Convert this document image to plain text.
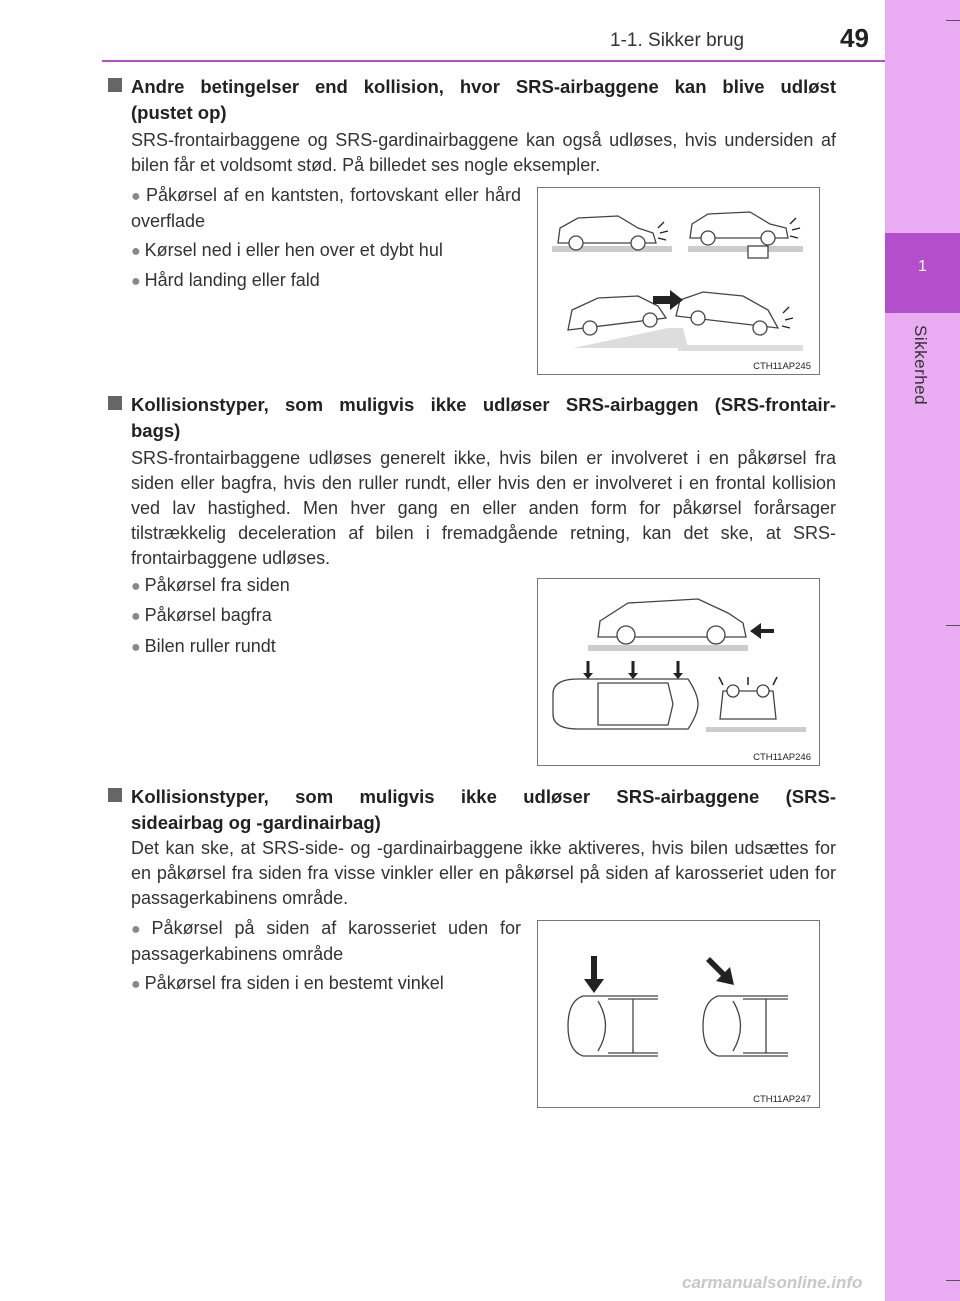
1
Sikkerhed
1-1. Sikker brug	49
Andre betingelser end kollision, hvor SRS-airbaggene kan blive udløst
(pustet op)
SRS-frontairbaggene og SRS-gardinairbaggene kan også udløses, hvis undersiden af bilen får et voldsomt stød. På billedet ses nogle eksempler.
● Påkørsel af en kantsten, fortovskant eller hård overflade
● Kørsel ned i eller hen over et dybt hul
● Hård landing eller fald
CTH11AP245
Kollisionstyper, som muligvis ikke udløser SRS-airbaggen (SRS-frontair-
bags)
SRS-frontairbaggene udløses generelt ikke, hvis bilen er involveret i en påkørsel fra siden eller bagfra, hvis den ruller rundt, eller hvis den er involveret i en frontal kollision ved lav hastighed. Men hver gang en eller anden form for påkørsel forårsager tilstrækkelig deceleration af bilen i fremadgående retning, kan det ske, at SRS-frontairbaggene udløses.
● Påkørsel fra siden
● Påkørsel bagfra
● Bilen ruller rundt
CTH11AP246
Kollisionstyper, som muligvis ikke udløser SRS-airbaggene (SRS-
sideairbag og -gardinairbag)
Det kan ske, at SRS-side- og -gardinairbaggene ikke aktiveres, hvis bilen udsættes for en påkørsel fra siden fra visse vinkler eller en påkørsel på siden af karosseriet uden for passagerkabinens område.
● Påkørsel på siden af karosseriet uden for passagerkabinens område
● Påkørsel fra siden i en bestemt vinkel
CTH11AP247
carmanualsonline.info
